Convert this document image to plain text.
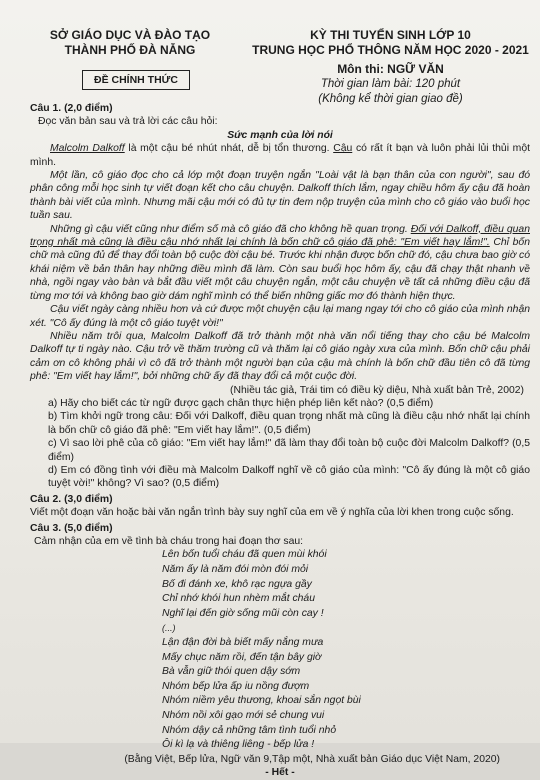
SỞ GIÁO DỤC VÀ ĐÀO TẠO
THÀNH PHỐ ĐÀ NẴNG
ĐỀ CHÍNH THỨC
KỲ THI TUYỂN SINH LỚP 10
TRUNG HỌC PHỔ THÔNG NĂM HỌC 2020 - 2021
Môn thi: NGỮ VĂN
Thời gian làm bài: 120 phút
(Không kể thời gian giao đề)

Câu 1. (2,0 điểm)

Đọc văn bản sau và trả lời các câu hỏi:

Sức mạnh của lời nói

Malcolm Dalkoff là một cậu bé nhút nhát, dễ bị tổn thương. Cậu có rất ít bạn và luôn phải lủi thủi một mình.

Một lần, cô giáo đọc cho cả lớp một đoạn truyện ngắn "Loài vật là bạn thân của con người", sau đó phân công mỗi học sinh tự viết đoạn kết cho câu chuyện. Dalkoff thích lắm, ngay chiều hôm ấy cậu đã hoàn thành bài viết của mình. Nhưng mãi cậu mới có đủ tự tin đem nộp truyện của mình cho cô giáo vào buổi học tuần sau.

Những gì cậu viết cũng như điểm số mà cô giáo đã cho không hề quan trọng. Đối với Dalkoff, điều quan trọng nhất mà cũng là điều cậu nhớ nhất lại chính là bốn chữ cô giáo đã phê: "Em viết hay lắm!". Chỉ bốn chữ mà cũng đủ để thay đổi toàn bộ cuộc đời cậu bé. Trước khi nhận được bốn chữ đó, cậu chưa bao giờ có khái niệm về bản thân hay những điều mình đã làm. Còn sau buổi học hôm ấy, cậu đã chạy thật nhanh về nhà, ngồi ngay vào bàn và bắt đầu viết một câu chuyện ngắn, một câu chuyện về tất cả những điều cậu đã từng mơ tới và không bao giờ dám nghĩ mình có thể biến những giấc mơ đó thành hiện thực.

Cậu viết ngày càng nhiều hơn và cứ được một chuyện cậu lại mang ngay tới cho cô giáo của mình nhận xét. "Cô ấy đúng là một cô giáo tuyệt vời!"

Nhiều năm trôi qua, Malcolm Dalkoff đã trở thành một nhà văn nổi tiếng thay cho cậu bé Malcolm Dalkoff tự ti ngày nào. Cậu trở về thăm trường cũ và thăm lại cô giáo ngày xưa của mình. Bốn chữ cậu phải cảm ơn cô không phải vì cô đã trở thành một người bạn của cậu mà chính là bốn chữ đầu tiên cô đã từng phê: "Em viết hay lắm!", bởi những chữ ấy đã thay đổi cả một cuộc đời.

(Nhiều tác giả, Trái tim có điều kỳ diệu, Nhà xuất bản Trẻ, 2002)

a) Hãy cho biết các từ ngữ được gạch chân thực hiện phép liên kết nào? (0,5 điểm)

b) Tìm khởi ngữ trong câu: Đối với Dalkoff, điều quan trọng nhất mà cũng là điều cậu nhớ nhất lại chính là bốn chữ cô giáo đã phê: "Em viết hay lắm!". (0,5 điểm)

c) Vì sao lời phê của cô giáo: "Em viết hay lắm!" đã làm thay đổi toàn bộ cuộc đời Malcolm Dalkoff? (0,5 điểm)

d) Em có đồng tình với điều mà Malcolm Dalkoff nghĩ về cô giáo của mình: "Cô ấy đúng là một cô giáo tuyệt vời!" không? Vì sao? (0,5 điểm)

Câu 2. (3,0 điểm)

Viết một đoạn văn hoặc bài văn ngắn trình bày suy nghĩ của em về ý nghĩa của lời khen trong cuộc sống.

Câu 3. (5,0 điểm)

Cảm nhận của em về tình bà cháu trong hai đoạn thơ sau:

Lên bốn tuổi cháu đã quen mùi khói

Năm ấy là năm đói mòn đói mỏi

Bố đi đánh xe, khô rạc ngựa gầy

Chỉ nhớ khói hun nhèm mắt cháu

Nghĩ lại đến giờ sống mũi còn cay !

(...)

Lận đận đời bà biết mấy nắng mưa

Mấy chục năm rồi, đến tận bây giờ

Bà vẫn giữ thói quen dậy sớm

Nhóm bếp lửa ấp iu nồng đượm

Nhóm niềm yêu thương, khoai sắn ngọt bùi

Nhóm nồi xôi gạo mới sẻ chung vui

Nhóm dậy cả những tâm tình tuổi nhỏ

Ôi kì lạ và thiêng liêng - bếp lửa !

(Bằng Việt, Bếp lửa, Ngữ văn 9,Tập một, Nhà xuất bản Giáo dục Việt Nam, 2020)

- Hết -
